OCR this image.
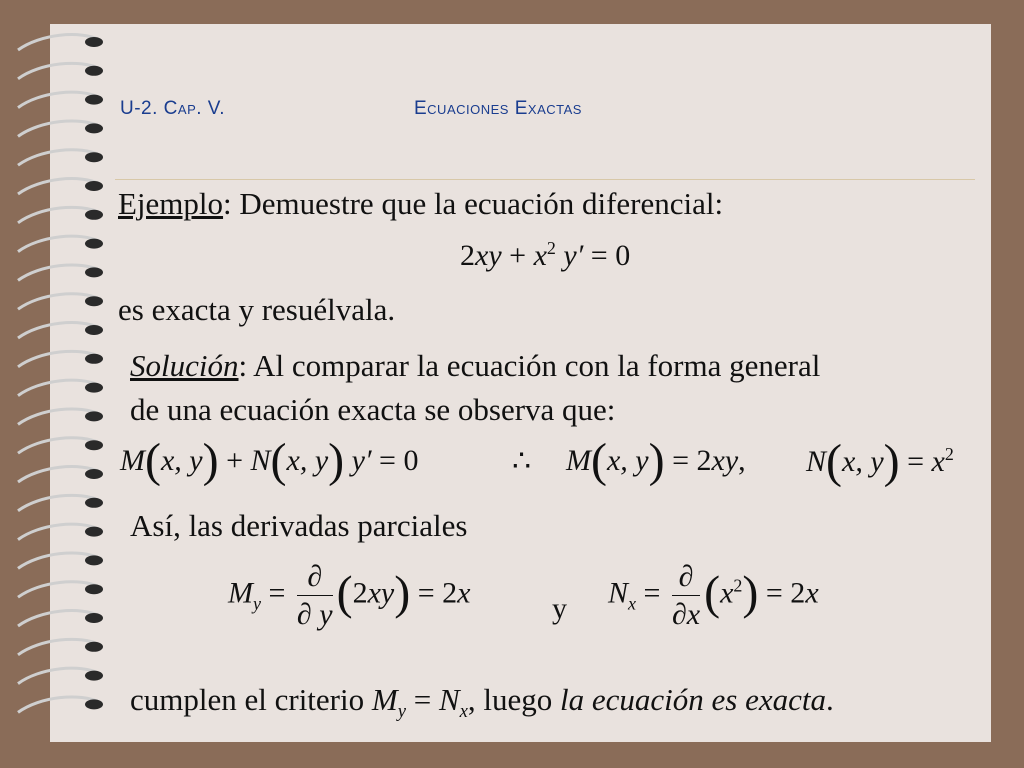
U-2. Cap. V.	Ecuaciones Exactas
Ejemplo: Demuestre que la ecuación diferencial:
$2xy + x^2$ y′ = 0
es exacta y resuélvala.
Solución: Al comparar la ecuación con la forma general
de una ecuación exacta se observa que:
M(x, y) + N(x, y) y′ = 0	∴ M(x, y) = 2xy, N(x, $y) = x^2$
Así, las derivadas parciales
$M_y = \frac{\partial}{\partial y} (2xy) = 2x$	y $N_x = \frac{\partial}{\partial x} (x^2) = 2x$
cumplen el criterio $M_y = N_x$, luego la ecuación es exacta.
